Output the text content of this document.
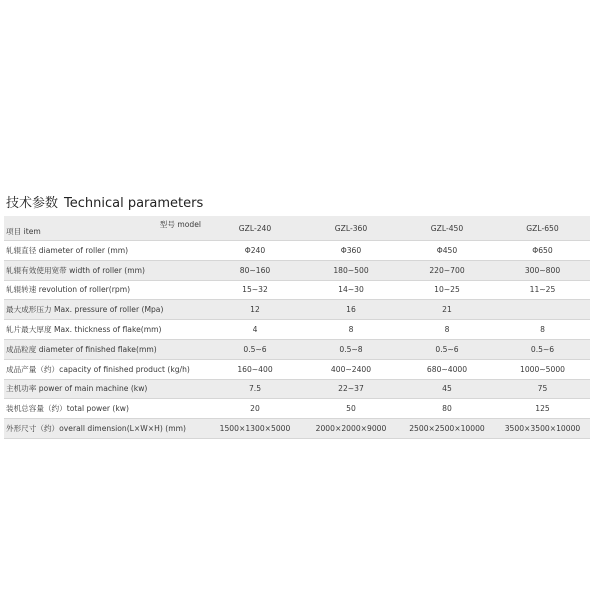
技术参数 Technical parameters
型号 model
项目 item	GZL-240	GZL-360	GZL-450	GZL-650
轧辊直径 diameter of roller (mm)	Φ240	Φ360	Φ450	Φ650
轧辊有效使用宽带 width of roller (mm)	80~160	180~500	220~700	300~800
轧辊转速 revolution of roller(rpm)	15~32	14~30	10~25	11~25
最大成形压力 Max. pressure of roller (Mpa)	12	16	21	
轧片最大厚度 Max. thickness of flake(mm)	4	8	8	8
成品粒度 diameter of finished flake(mm)	0.5~6	0.5~8	0.5~6	0.5~6
成品产量（约）capacity of finished product (kg/h)	160~400	400~2400	680~4000	1000~5000
主机功率 power of main machine (kw)	7.5	22~37	45	75
装机总容量（约）total power (kw)	20	50	80	125
外形尺寸（约）overall dimension(L×W×H) (mm)	1500×1300×5000	2000×2000×9000	2500×2500×10000	3500×3500×10000
